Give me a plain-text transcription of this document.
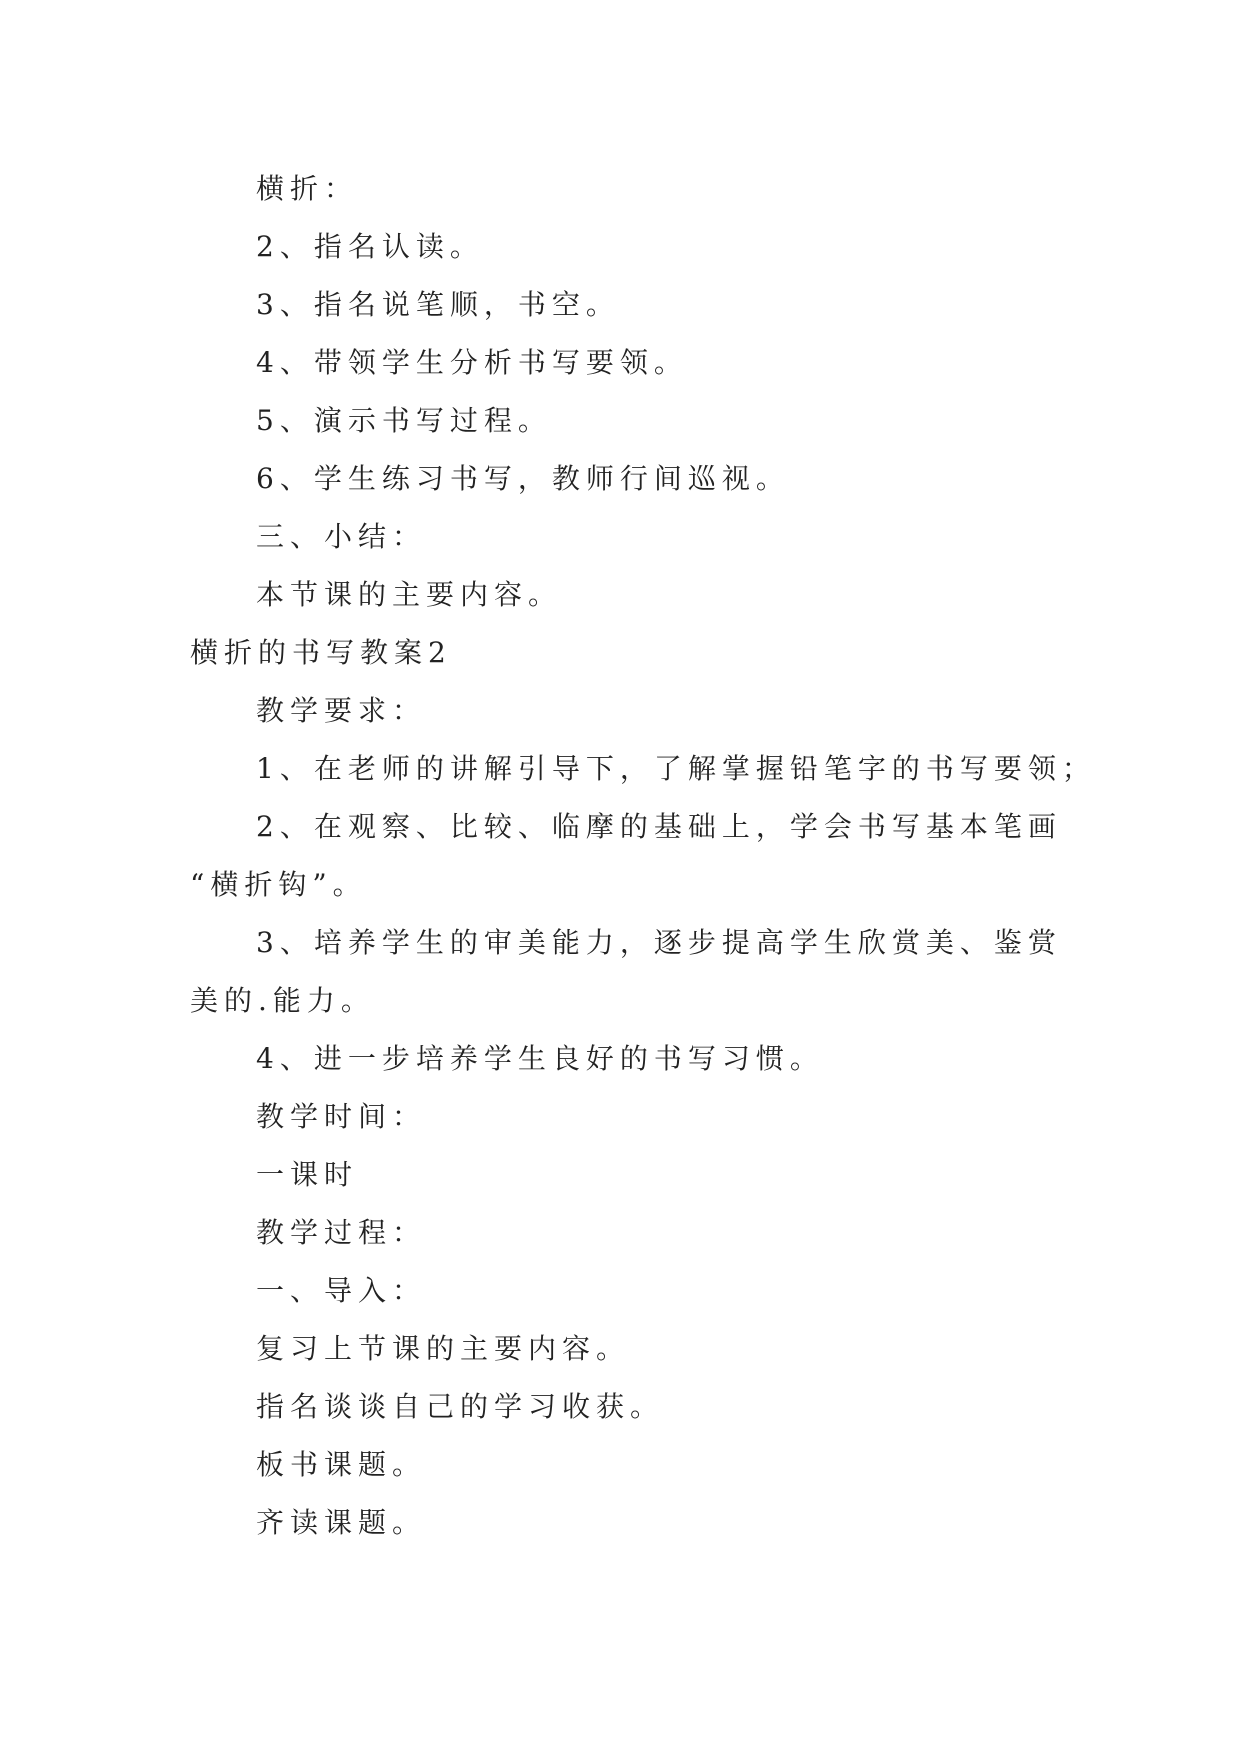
横折：

2、指名认读。

3、指名说笔顺，书空。

4、带领学生分析书写要领。

5、演示书写过程。

6、学生练习书写，教师行间巡视。

三、小结：

本节课的主要内容。

横折的书写教案2

教学要求：

1、在老师的讲解引导下，了解掌握铅笔字的书写要领；

2、在观察、比较、临摩的基础上，学会书写基本笔画

“横折钩”。

3、培养学生的审美能力，逐步提高学生欣赏美、鉴赏

美的.能力。

4、进一步培养学生良好的书写习惯。

教学时间：

一课时

教学过程：

一、导入：

复习上节课的主要内容。

指名谈谈自己的学习收获。

板书课题。

齐读课题。
